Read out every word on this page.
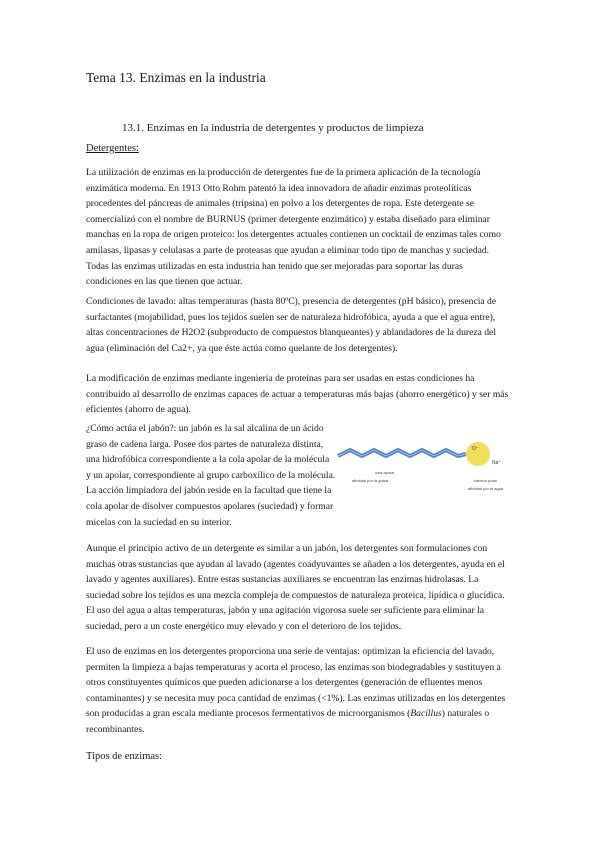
Tema 13. Enzimas en la industria
13.1. Enzimas en la industria de detergentes y productos de limpieza
Detergentes:
La utilización de enzimas en la producción de detergentes fue de la primera aplicación de la tecnología enzimática moderna. En 1913 Otto Rohm patentó la idea innovadora de añadir enzimas proteolíticas procedentes del páncreas de animales (tripsina) en polvo a los detergentes de ropa. Este detergente se comercializó con el nombre de BURNUS (primer detergente enzimático) y estaba diseñado para eliminar manchas en la ropa de origen proteico: los detergentes actuales contienen un cocktail de enzimas tales como amilasas, lipasas y celulasas a parte de proteasas que ayudan a eliminar todo tipo de manchas y suciedad. Todas las enzimas utilizadas en esta industria han tenido que ser mejoradas para soportar las duras condiciones en las que tienen que actuar.
Condiciones de lavado: altas temperaturas (hasta 80ºC), presencia de detergentes (pH básico), presencia de surfactantes (mojabilidad, pues los tejidos suelen ser de naturaleza hidrofóbica, ayuda a que el agua entre), altas concentraciones de H2O2 (subproducto de compuestos blanqueantes) y ablandadores de la dureza del agua (eliminación del Ca2+, ya que éste actúa como quelante de los detergentes).
La modificación de enzimas mediante ingeniería de proteínas para ser usadas en estas condiciones ha contribuido al desarrollo de enzimas capaces de actuar a temperaturas más bajas (ahorro energético) y ser más eficientes (ahorro de agua).
¿Cómo actúa el jabón?: un jabón es la sal alcalina de un ácido graso de cadena larga. Posee dos partes de naturaleza distinta, una hidrofóbica correspondiente a la cola apolar de la molécula y un apolar, correspondiente al grupo carboxílico de la molécula. La acción limpiadora del jabón reside en la facultad que tiene la cola apolar de disolver compuestos apolares (suciedad) y formar micelas con la suciedad en su interior.
O⁻
Na⁺
cola apolar
afinidad por la grasa	cabeza polar
afinidad por el agua
Aunque el principio activo de un detergente es similar a un jabón, los detergentes son formulaciones con muchas otras sustancias que ayudan al lavado (agentes coadyuvantes se añaden a los detergentes, ayuda en el lavado y agentes auxiliares). Entre estas sustancias auxiliares se encuentran las enzimas hidrolasas. La suciedad sobre los tejidos es una mezcla compleja de compuestos de naturaleza proteica, lipídica o glucídica. El uso del agua a altas temperaturas, jabón y una agitación vigorosa suele ser suficiente para eliminar la suciedad, pero a un coste energético muy elevado y con el deterioro de los tejidos.
El uso de enzimas en los detergentes proporciona una serie de ventajas: optimizan la eficiencia del lavado, permiten la limpieza a bajas temperaturas y acorta el proceso, las enzimas son biodegradables y sustituyen a otros constituyentes químicos que pueden adicionarse a los detergentes (generación de efluentes menos contaminantes) y se necesita muy poca cantidad de enzimas (<1%). Las enzimas utilizadas en los detergentes son producidas a gran escala mediante procesos fermentativos de microorganismos (Bacillus) naturales o recombinantes.
Tipos de enzimas:
